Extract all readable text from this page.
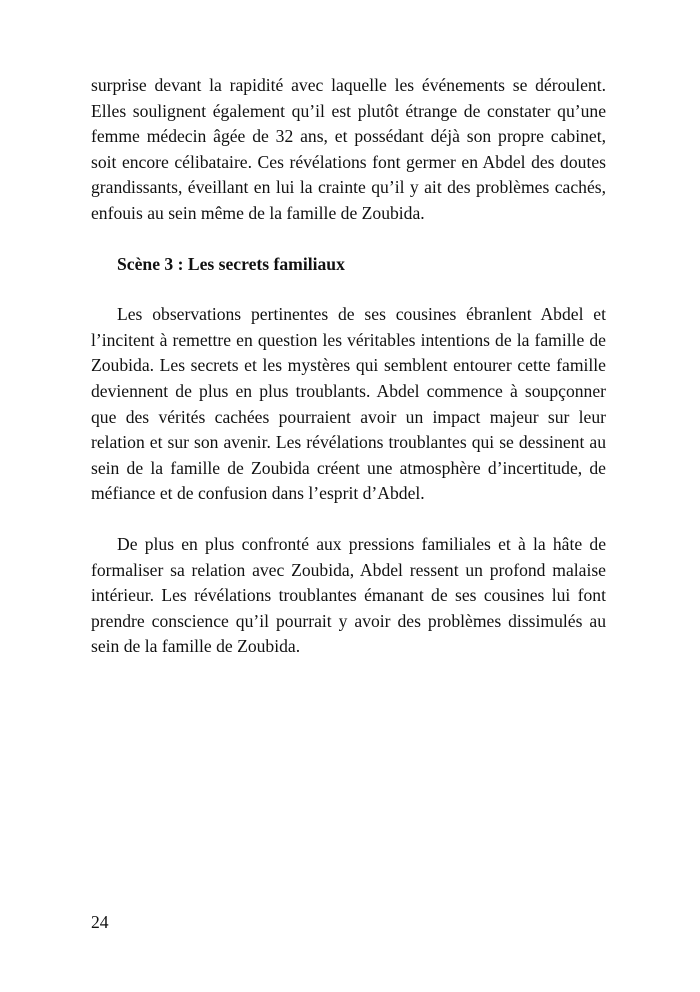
surprise devant la rapidité avec laquelle les événements se déroulent. Elles soulignent également qu’il est plutôt étrange de constater qu’une femme médecin âgée de 32 ans, et possédant déjà son propre cabinet, soit encore célibataire. Ces révélations font germer en Abdel des doutes grandissants, éveillant en lui la crainte qu’il y ait des problèmes cachés, enfouis au sein même de la famille de Zoubida.

Scène 3 : Les secrets familiaux

Les observations pertinentes de ses cousines ébranlent Abdel et l’incitent à remettre en question les véritables intentions de la famille de Zoubida. Les secrets et les mystères qui semblent entourer cette famille deviennent de plus en plus troublants. Abdel commence à soupçonner que des vérités cachées pourraient avoir un impact majeur sur leur relation et sur son avenir. Les révélations troublantes qui se dessinent au sein de la famille de Zoubida créent une atmosphère d’incertitude, de méfiance et de confusion dans l’esprit d’Abdel.

De plus en plus confronté aux pressions familiales et à la hâte de formaliser sa relation avec Zoubida, Abdel ressent un profond malaise intérieur. Les révélations troublantes émanant de ses cousines lui font prendre conscience qu’il pourrait y avoir des problèmes dissimulés au sein de la famille de Zoubida.

24
